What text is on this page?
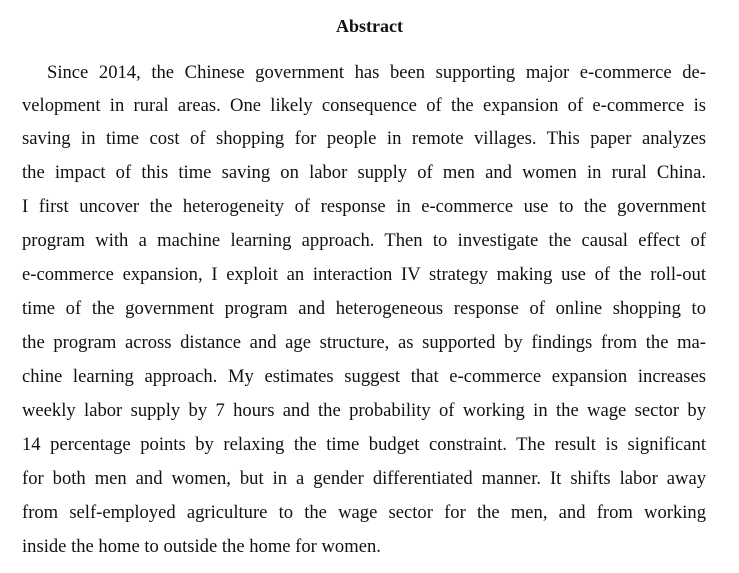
Abstract
Since 2014, the Chinese government has been supporting major e-commerce de-
velopment in rural areas. One likely consequence of the expansion of e-commerce is
saving in time cost of shopping for people in remote villages. This paper analyzes
the impact of this time saving on labor supply of men and women in rural China.
I first uncover the heterogeneity of response in e-commerce use to the government
program with a machine learning approach. Then to investigate the causal effect of
e-commerce expansion, I exploit an interaction IV strategy making use of the roll-out
time of the government program and heterogeneous response of online shopping to
the program across distance and age structure, as supported by findings from the ma-
chine learning approach. My estimates suggest that e-commerce expansion increases
weekly labor supply by 7 hours and the probability of working in the wage sector by
14 percentage points by relaxing the time budget constraint. The result is significant
for both men and women, but in a gender differentiated manner. It shifts labor away
from self-employed agriculture to the wage sector for the men, and from working
inside the home to outside the home for women.
